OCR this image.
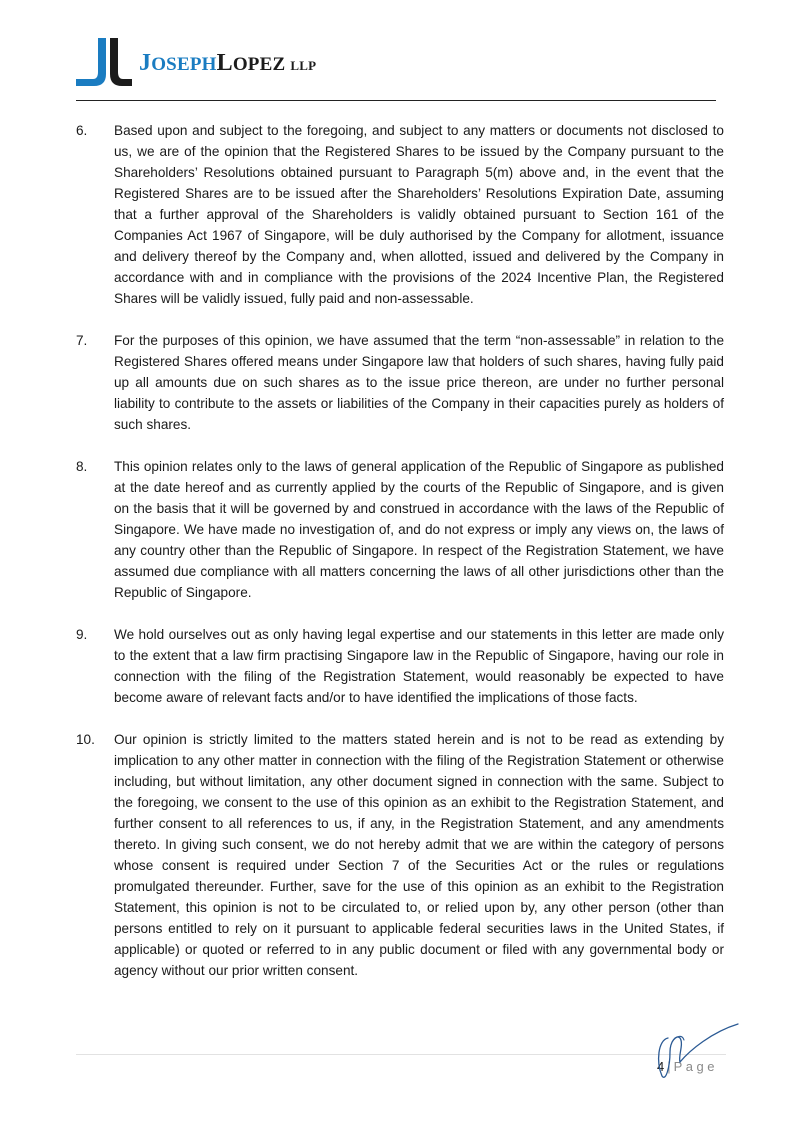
JOSEPHLOPEZ LLP

6. Based upon and subject to the foregoing, and subject to any matters or documents not disclosed to us, we are of the opinion that the Registered Shares to be issued by the Company pursuant to the Shareholders’ Resolutions obtained pursuant to Paragraph 5(m) above and, in the event that the Registered Shares are to be issued after the Shareholders’ Resolutions Expiration Date, assuming that a further approval of the Shareholders is validly obtained pursuant to Section 161 of the Companies Act 1967 of Singapore, will be duly authorised by the Company for allotment, issuance and delivery thereof by the Company and, when allotted, issued and delivered by the Company in accordance with and in compliance with the provisions of the 2024 Incentive Plan, the Registered Shares will be validly issued, fully paid and non-assessable.

7. For the purposes of this opinion, we have assumed that the term “non-assessable” in relation to the Registered Shares offered means under Singapore law that holders of such shares, having fully paid up all amounts due on such shares as to the issue price thereon, are under no further personal liability to contribute to the assets or liabilities of the Company in their capacities purely as holders of such shares.

8. This opinion relates only to the laws of general application of the Republic of Singapore as published at the date hereof and as currently applied by the courts of the Republic of Singapore, and is given on the basis that it will be governed by and construed in accordance with the laws of the Republic of Singapore. We have made no investigation of, and do not express or imply any views on, the laws of any country other than the Republic of Singapore. In respect of the Registration Statement, we have assumed due compliance with all matters concerning the laws of all other jurisdictions other than the Republic of Singapore.

9. We hold ourselves out as only having legal expertise and our statements in this letter are made only to the extent that a law firm practising Singapore law in the Republic of Singapore, having our role in connection with the filing of the Registration Statement, would reasonably be expected to have become aware of relevant facts and/or to have identified the implications of those facts.

10. Our opinion is strictly limited to the matters stated herein and is not to be read as extending by implication to any other matter in connection with the filing of the Registration Statement or otherwise including, but without limitation, any other document signed in connection with the same. Subject to the foregoing, we consent to the use of this opinion as an exhibit to the Registration Statement, and further consent to all references to us, if any, in the Registration Statement, and any amendments thereto. In giving such consent, we do not hereby admit that we are within the category of persons whose consent is required under Section 7 of the Securities Act or the rules or regulations promulgated thereunder. Further, save for the use of this opinion as an exhibit to the Registration Statement, this opinion is not to be circulated to, or relied upon by, any other person (other than persons entitled to rely on it pursuant to applicable federal securities laws in the United States, if applicable) or quoted or referred to in any public document or filed with any governmental body or agency without our prior written consent.

4 | Page
